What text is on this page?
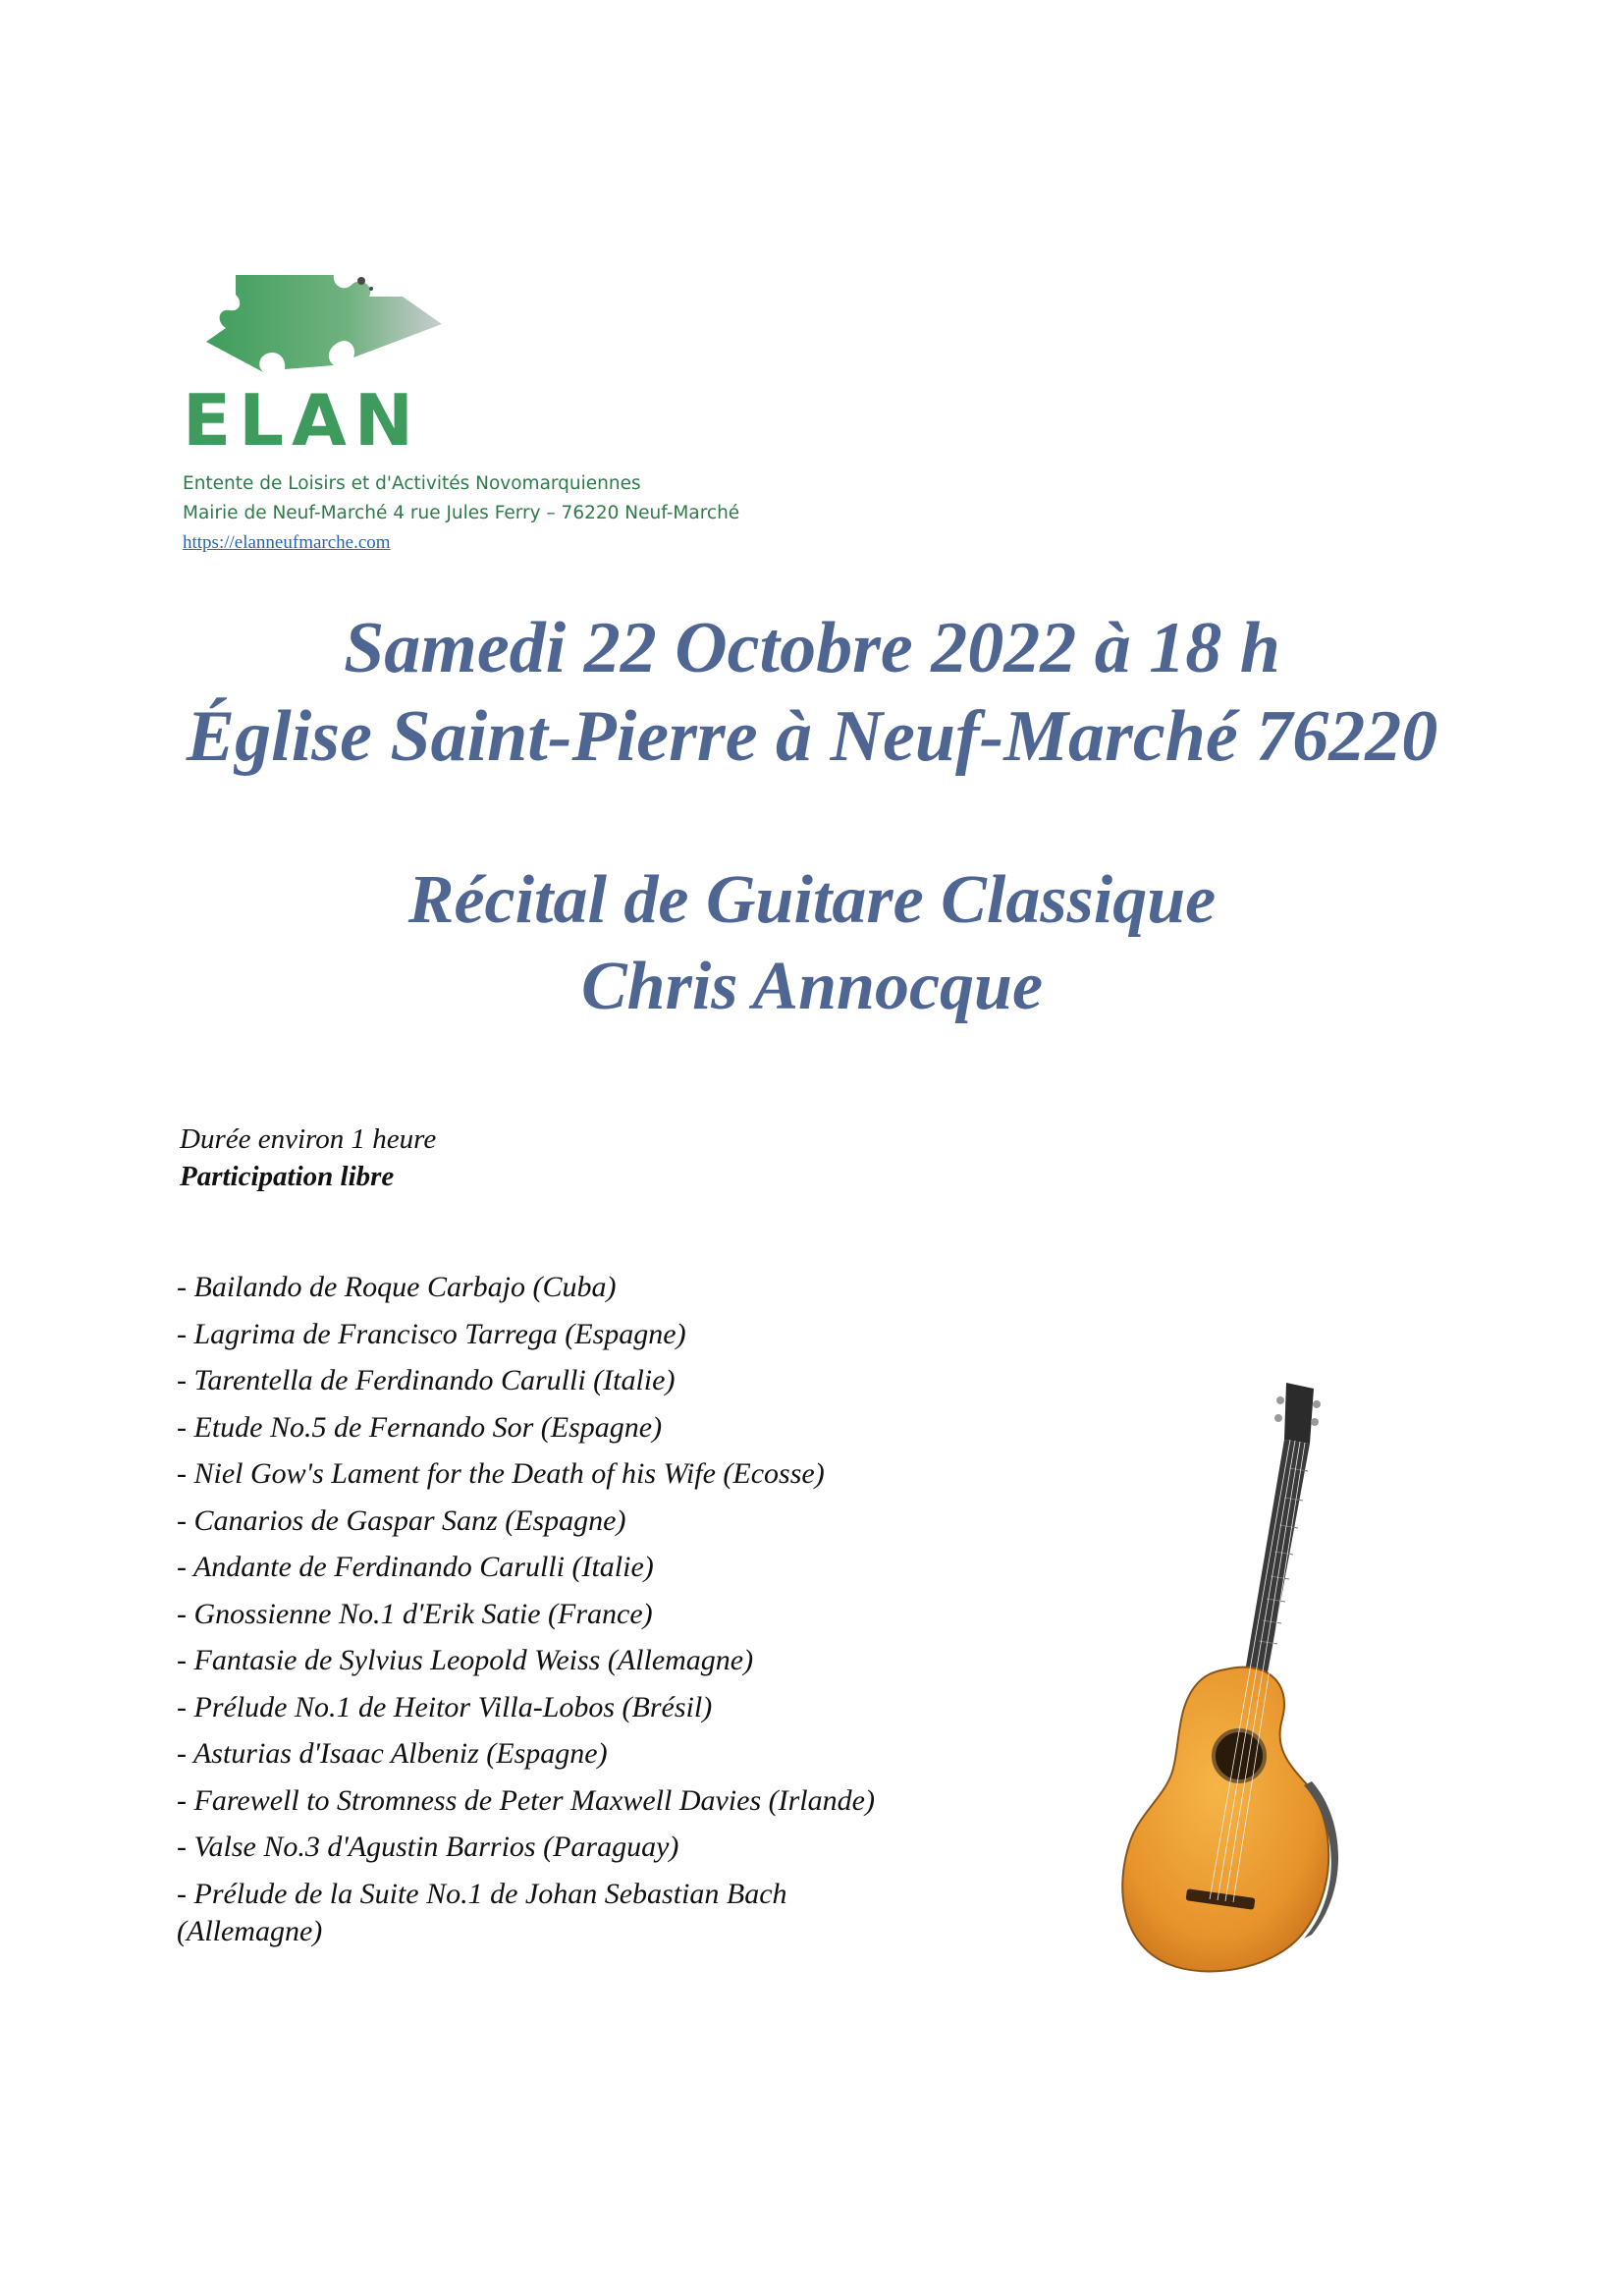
ELAN
Entente de Loisirs et d'Activités Novomarquiennes
Mairie de Neuf-Marché 4 rue Jules Ferry – 76220 Neuf-Marché
https://elanneufmarche.com
Samedi 22 Octobre 2022 à 18 h
Église Saint-Pierre à Neuf-Marché 76220
Récital de Guitare Classique
Chris Annocque
Durée environ 1 heure
Participation libre
- Bailando de Roque Carbajo (Cuba)
- Lagrima de Francisco Tarrega (Espagne)
- Tarentella de Ferdinando Carulli (Italie)
- Etude No.5 de Fernando Sor (Espagne)
- Niel Gow's Lament for the Death of his Wife (Ecosse)
- Canarios de Gaspar Sanz (Espagne)
- Andante de Ferdinando Carulli (Italie)
- Gnossienne No.1 d'Erik Satie (France)
- Fantasie de Sylvius Leopold Weiss (Allemagne)
- Prélude No.1 de Heitor Villa-Lobos (Brésil)
- Asturias d'Isaac Albeniz (Espagne)
- Farewell to Stromness de Peter Maxwell Davies (Irlande)
- Valse No.3 d'Agustin Barrios (Paraguay)
- Prélude de la Suite No.1 de Johan Sebastian Bach (Allemagne)
